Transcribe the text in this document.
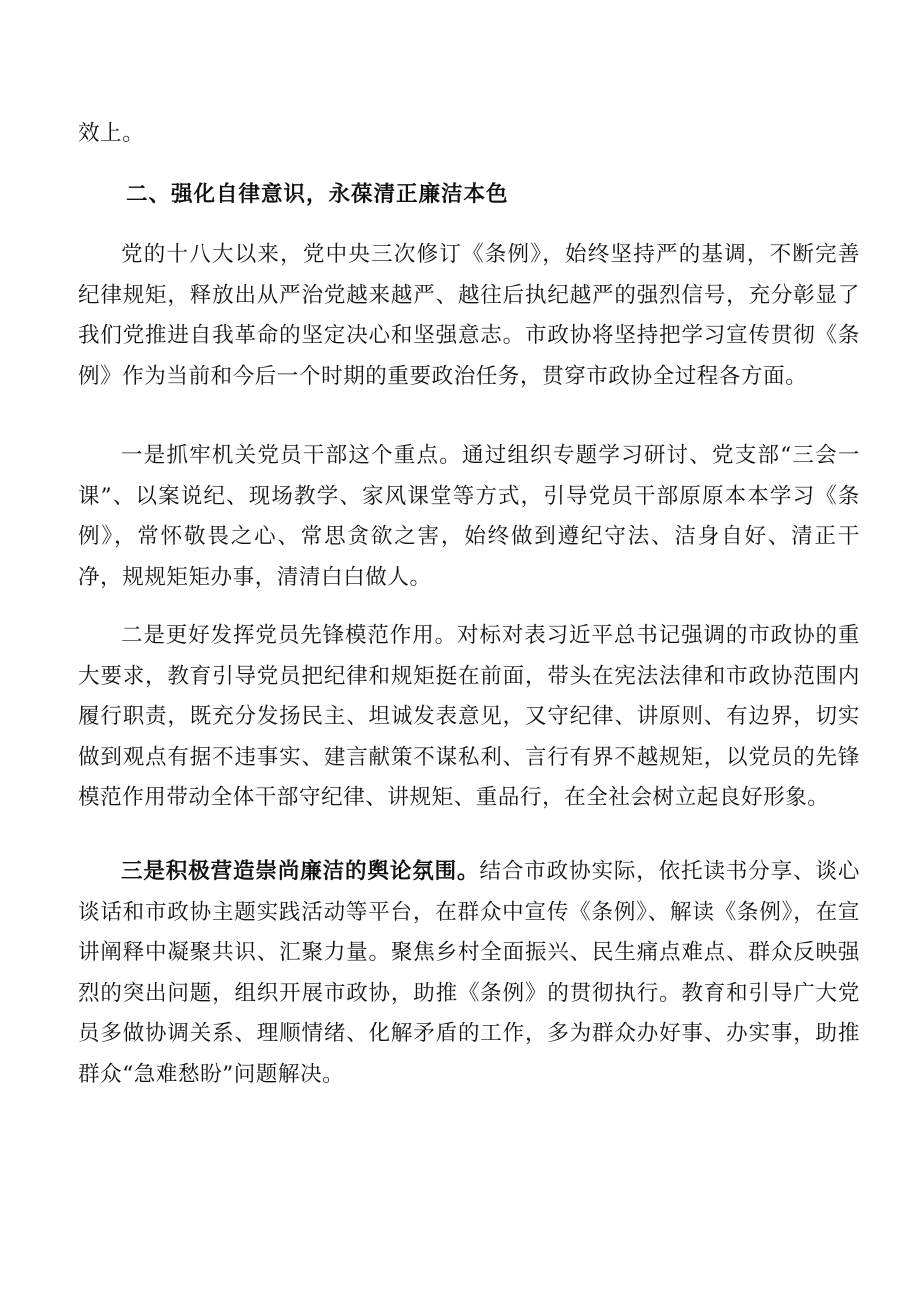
效上。

二、强化自律意识，永葆清正廉洁本色

党的十八大以来，党中央三次修订《条例》，始终坚持严的基调，不断完善纪律规矩，释放出从严治党越来越严、越往后执纪越严的强烈信号，充分彰显了我们党推进自我革命的坚定决心和坚强意志。市政协将坚持把学习宣传贯彻《条例》作为当前和今后一个时期的重要政治任务，贯穿市政协全过程各方面。

一是抓牢机关党员干部这个重点。通过组织专题学习研讨、党支部“三会一课”、以案说纪、现场教学、家风课堂等方式，引导党员干部原原本本学习《条例》，常怀敬畏之心、常思贪欲之害，始终做到遵纪守法、洁身自好、清正干净，规规矩矩办事，清清白白做人。

二是更好发挥党员先锋模范作用。对标对表习近平总书记强调的市政协的重大要求，教育引导党员把纪律和规矩挺在前面，带头在宪法法律和市政协范围内履行职责，既充分发扬民主、坦诚发表意见，又守纪律、讲原则、有边界，切实做到观点有据不违事实、建言献策不谋私利、言行有界不越规矩，以党员的先锋模范作用带动全体干部守纪律、讲规矩、重品行，在全社会树立起良好形象。

三是积极营造崇尚廉洁的舆论氛围。结合市政协实际，依托读书分享、谈心谈话和市政协主题实践活动等平台，在群众中宣传《条例》、解读《条例》，在宣讲阐释中凝聚共识、汇聚力量。聚焦乡村全面振兴、民生痛点难点、群众反映强烈的突出问题，组织开展市政协，助推《条例》的贯彻执行。教育和引导广大党员多做协调关系、理顺情绪、化解矛盾的工作，多为群众办好事、办实事，助推群众“急难愁盼”问题解决。
